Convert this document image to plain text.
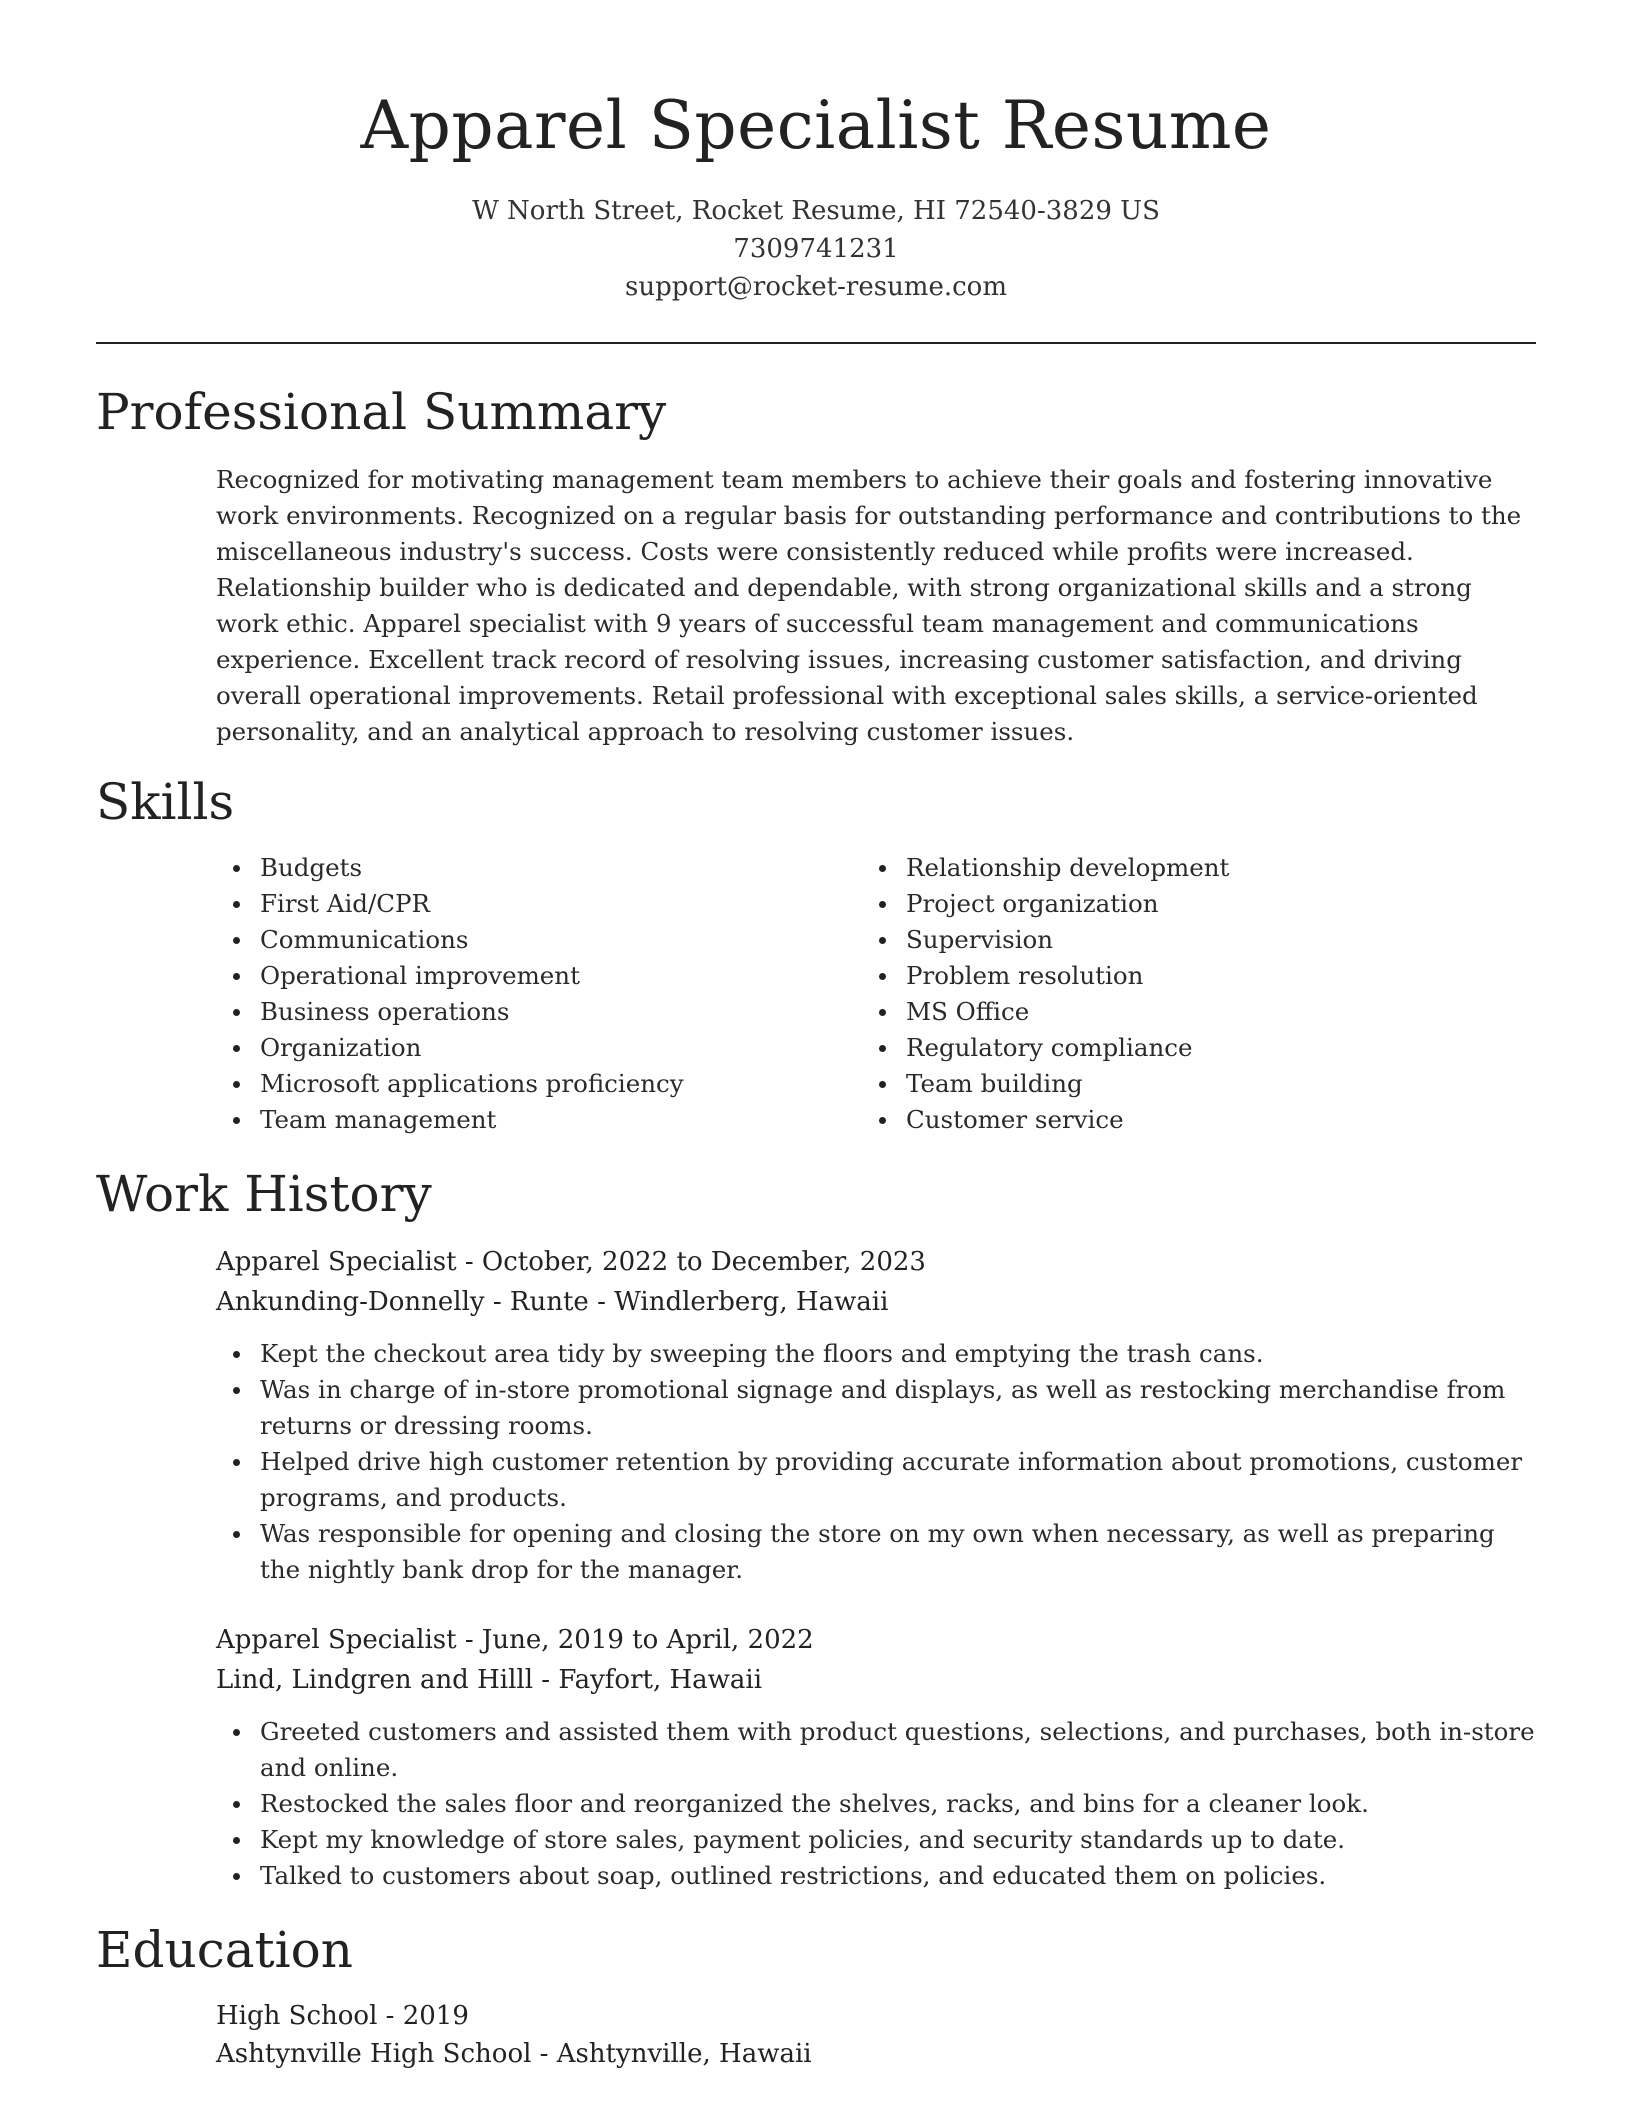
Apparel Specialist Resume
W North Street, Rocket Resume, HI 72540-3829 US
7309741231
support@rocket-resume.com
Professional Summary

Recognized for motivating management team members to achieve their goals and fostering innovative work environments. Recognized on a regular basis for outstanding performance and contributions to the miscellaneous industry's success. Costs were consistently reduced while profits were increased. Relationship builder who is dedicated and dependable, with strong organizational skills and a strong work ethic. Apparel specialist with 9 years of successful team management and communications experience. Excellent track record of resolving issues, increasing customer satisfaction, and driving overall operational improvements. Retail professional with exceptional sales skills, a service-oriented personality, and an analytical approach to resolving customer issues.

Skills
Budgets
First Aid/CPR
Communications
Operational improvement
Business operations
Organization
Microsoft applications proficiency
Team management
Relationship development
Project organization
Supervision
Problem resolution
MS Office
Regulatory compliance
Team building
Customer service
Work History
Apparel Specialist - October, 2022 to December, 2023
Ankunding-Donnelly - Runte - Windlerberg, Hawaii
Kept the checkout area tidy by sweeping the floors and emptying the trash cans.
Was in charge of in-store promotional signage and displays, as well as restocking merchandise from returns or dressing rooms.
Helped drive high customer retention by providing accurate information about promotions, customer programs, and products.
Was responsible for opening and closing the store on my own when necessary, as well as preparing the nightly bank drop for the manager.
Apparel Specialist - June, 2019 to April, 2022
Lind, Lindgren and Hilll - Fayfort, Hawaii
Greeted customers and assisted them with product questions, selections, and purchases, both in-store and online.
Restocked the sales floor and reorganized the shelves, racks, and bins for a cleaner look.
Kept my knowledge of store sales, payment policies, and security standards up to date.
Talked to customers about soap, outlined restrictions, and educated them on policies.
Education
High School - 2019
Ashtynville High School - Ashtynville, Hawaii
